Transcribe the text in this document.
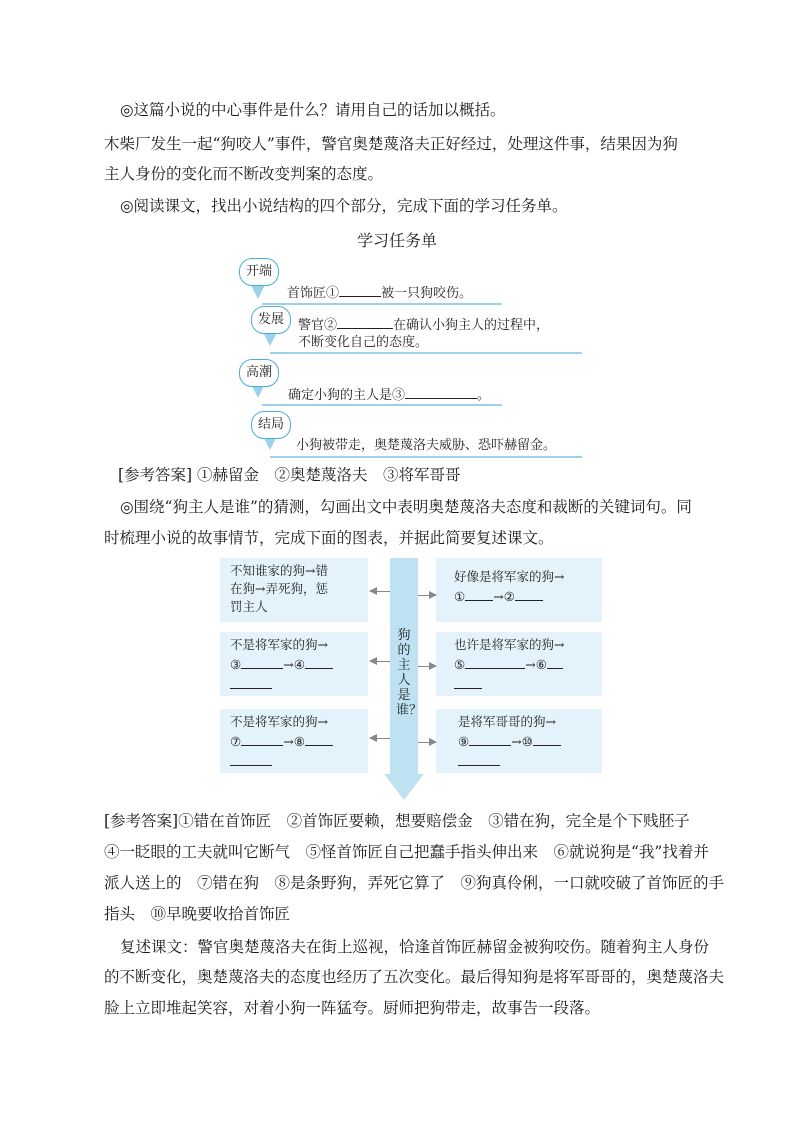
◎这篇小说的中心事件是什么？请用自己的话加以概括。
木柴厂发生一起“狗咬人”事件，警官奥楚蔑洛夫正好经过，处理这件事，结果因为狗
主人身份的变化而不断改变判案的态度。
◎阅读课文，找出小说结构的四个部分，完成下面的学习任务单。
学习任务单
开端
首饰匠①	被一只狗咬伤。
发展	警官②	在确认小狗主人的过程中，
不断变化自己的态度。
高潮
确定小狗的主人是③	。
结局
小狗被带走，奥楚蔑洛夫威胁、恐吓赫留金。
[参考答案] ①赫留金　②奥楚蔑洛夫　③将军哥哥
◎围绕“狗主人是谁”的猜测，勾画出文中表明奥楚蔑洛夫态度和裁断的关键词句。同
时梳理小说的故事情节，完成下面的图表，并据此简要复述课文。
狗的主人是谁？
不知谁家的狗→错
在狗→弄死狗，惩
罚主人
不是将军家的狗→
③	→④
不是将军家的狗→
⑦	→⑧
好像是将军家的狗→
① →②
也许是将军家的狗→
⑤	→⑥
是将军哥哥的狗→
⑨	→⑩
[参考答案]①错在首饰匠　②首饰匠要赖，想要赔偿金　③错在狗，完全是个下贱胚子
④一眨眼的工夫就叫它断气　⑤怪首饰匠自己把蠢手指头伸出来　⑥就说狗是“我”找着并
派人送上的　⑦错在狗　⑧是条野狗，弄死它算了　⑨狗真伶俐，一口就咬破了首饰匠的手
指头　⑩早晚要收拾首饰匠
复述课文：警官奥楚蔑洛夫在街上巡视，恰逢首饰匠赫留金被狗咬伤。随着狗主人身份
的不断变化，奥楚蔑洛夫的态度也经历了五次变化。最后得知狗是将军哥哥的，奥楚蔑洛夫
脸上立即堆起笑容，对着小狗一阵猛夸。厨师把狗带走，故事告一段落。
